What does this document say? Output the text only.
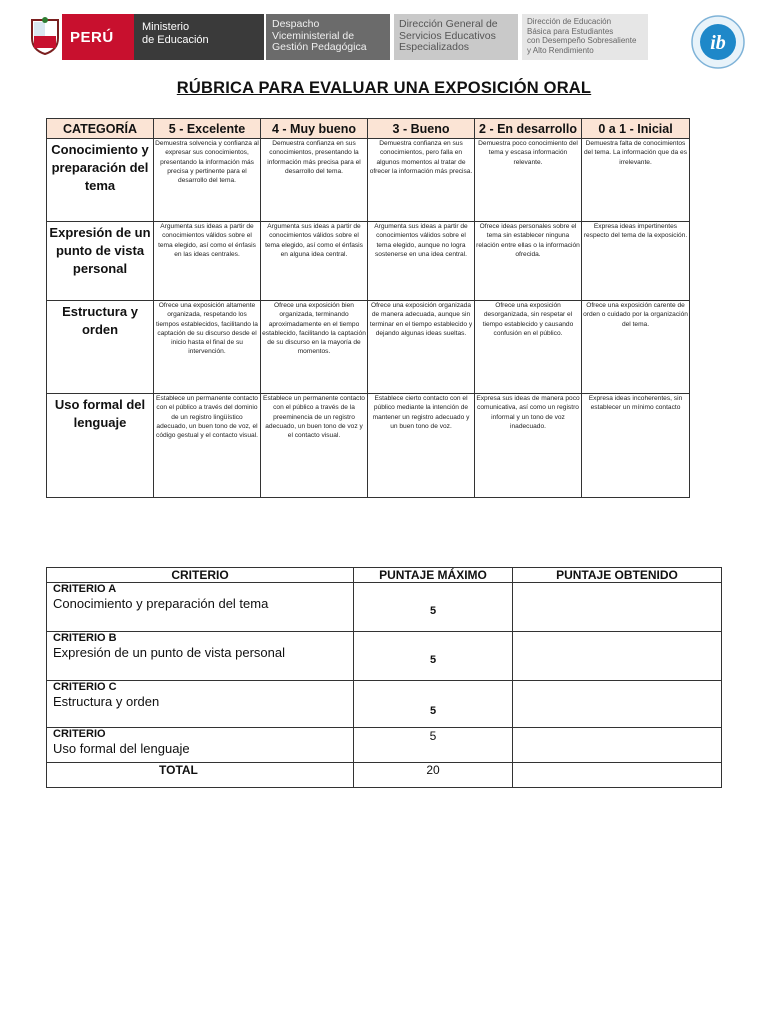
PERÚ
Ministerio
de Educación
Despacho
Viceministerial de
Gestión Pedagógica
Dirección General de
Servicios Educativos
Especializados
Dirección de Educación
Básica para Estudiantes
con Desempeño Sobresaliente
y Alto Rendimiento	ib
RÚBRICA PARA EVALUAR UNA EXPOSICIÓN ORAL
CATEGORÍA	5 - Excelente	4 - Muy bueno	3 - Bueno	2 - En desarrollo	0 a 1 - Inicial
Conocimiento y preparación del tema	Demuestra solvencia y confianza al expresar sus conocimientos, presentando la información más precisa y pertinente para el desarrollo del tema.	Demuestra confianza en sus conocimientos, presentando la información más precisa para el desarrollo del tema.	Demuestra confianza en sus conocimientos, pero falla en algunos momentos al tratar de ofrecer la información más precisa.	Demuestra poco conocimiento del tema y escasa información relevante.	Demuestra falta de conocimientos del tema. La información que da es irrelevante.
Expresión de un punto de vista personal	Argumenta sus ideas a partir de conocimientos válidos sobre el tema elegido, así como el énfasis en las ideas centrales.	Argumenta sus ideas a partir de conocimientos válidos sobre el tema elegido, así como el énfasis en alguna idea central.	Argumenta sus ideas a partir de conocimientos válidos sobre el tema elegido, aunque no logra sostenerse en una idea central.	Ofrece ideas personales sobre el tema sin establecer ninguna relación entre ellas o la información ofrecida.	Expresa ideas impertinentes respecto del tema de la exposición.
Estructura y orden	Ofrece una exposición altamente organizada, respetando los tiempos establecidos, facilitando la captación de su discurso desde el inicio hasta el final de su intervención.	Ofrece una exposición bien organizada, terminando aproximadamente en el tiempo establecido, facilitando la captación de su discurso en la mayoría de momentos.	Ofrece una exposición organizada de manera adecuada, aunque sin terminar en el tiempo establecido y dejando algunas ideas sueltas.	Ofrece una exposición desorganizada, sin respetar el tiempo establecido y causando confusión en el público.	Ofrece una exposición carente de orden o cuidado por la organización del tema.
Uso formal del lenguaje	Establece un permanente contacto con el público a través del dominio de un registro lingüístico adecuado, un buen tono de voz, el código gestual y el contacto visual.	Establece un permanente contacto con el público a través de la preeminencia de un registro adecuado, un buen tono de voz y el contacto visual.	Establece cierto contacto con el público mediante la intención de mantener un registro adecuado y un buen tono de voz.	Expresa sus ideas de manera poco comunicativa, así como un registro informal y un tono de voz inadecuado.	Expresa ideas incoherentes, sin establecer un mínimo contacto
CRITERIO	PUNTAJE MÁXIMO	PUNTAJE OBTENIDO

CRITERIO A
Conocimiento y preparación del tema	5	

CRITERIO B
Expresión de un punto de vista personal	5	

CRITERIO C
Estructura y orden	5	

CRITERIO
Uso formal del lenguaje	5	
TOTAL	20	
